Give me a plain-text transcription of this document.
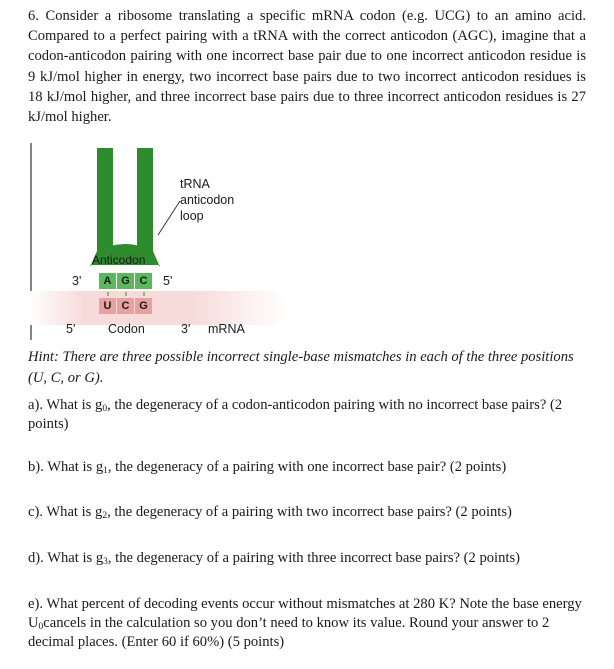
6. Consider a ribosome translating a specific mRNA codon (e.g. UCG) to an amino acid. Compared to a perfect pairing with a tRNA with the correct anticodon (AGC), imagine that a codon-anticodon pairing with one incorrect base pair due to one incorrect anticodon residue is 9 kJ/mol higher in energy, two incorrect base pairs due to two incorrect anticodon residues is 18 kJ/mol higher, and three incorrect base pairs due to three incorrect anticodon residues is 27 kJ/mol higher.

tRNA
anticodon
loop
Anticodon
3'	A G C	5'
U C G
5'	Codon	3' mRNA

Hint: There are three possible incorrect single-base mismatches in each of the three positions (U, C, or G).

a). What is $g_0$, the degeneracy of a codon-anticodon pairing with no incorrect base pairs? (2 points)

b). What is $g_1$, the degeneracy of a pairing with one incorrect base pair? (2 points)

c). What is $g_2$, the degeneracy of a pairing with two incorrect base pairs? (2 points)

d). What is $g_3$, the degeneracy of a pairing with three incorrect base pairs? (2 points)

e). What percent of decoding events occur without mismatches at 280 K? Note the base energy $U_0cancels$ in the calculation so you don’t need to know its value. Round your answer to 2 decimal places. (Enter 60 if 60%) (5 points)
